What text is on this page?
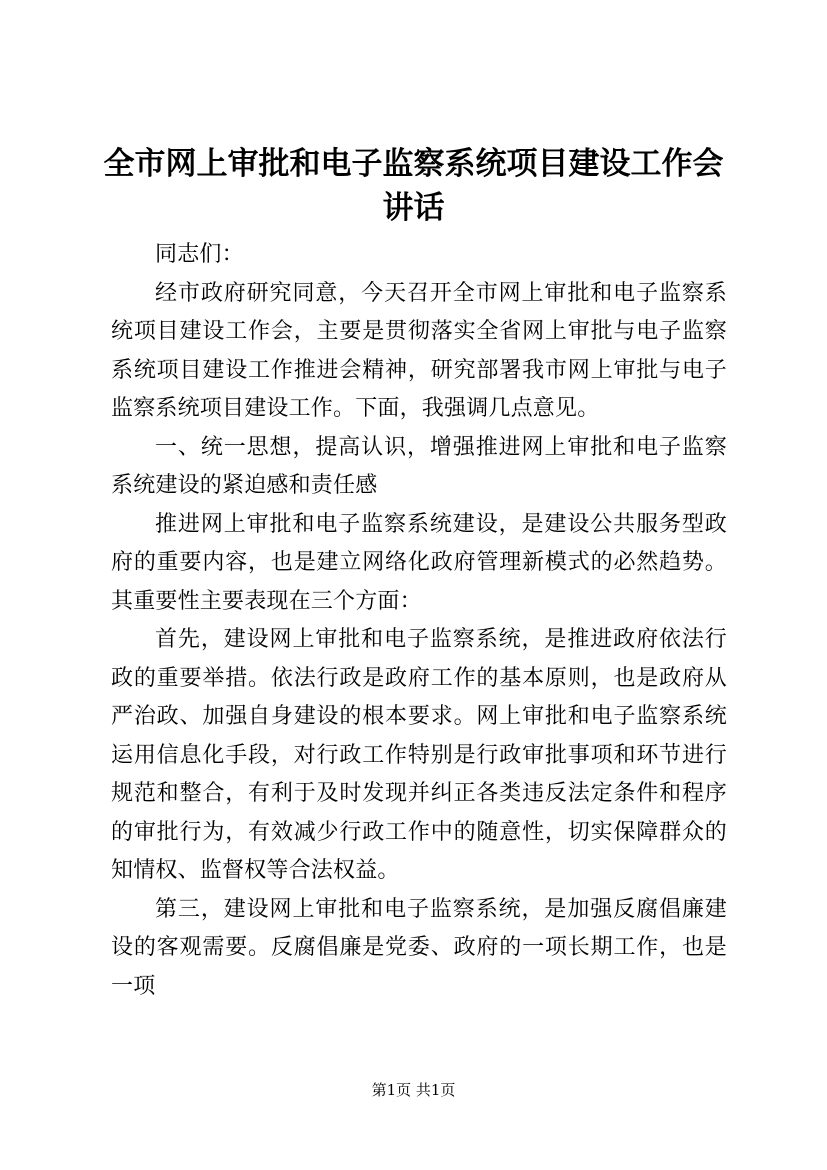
全市网上审批和电子监察系统项目建设工作会
讲话

同志们：

经市政府研究同意，今天召开全市网上审批和电子监察系统项目建设工作会，主要是贯彻落实全省网上审批与电子监察系统项目建设工作推进会精神，研究部署我市网上审批与电子监察系统项目建设工作。下面，我强调几点意见。

一、统一思想，提高认识，增强推进网上审批和电子监察系统建设的紧迫感和责任感

推进网上审批和电子监察系统建设，是建设公共服务型政府的重要内容，也是建立网络化政府管理新模式的必然趋势。其重要性主要表现在三个方面：

首先，建设网上审批和电子监察系统，是推进政府依法行政的重要举措。依法行政是政府工作的基本原则，也是政府从严治政、加强自身建设的根本要求。网上审批和电子监察系统运用信息化手段，对行政工作特别是行政审批事项和环节进行规范和整合，有利于及时发现并纠正各类违反法定条件和程序的审批行为，有效减少行政工作中的随意性，切实保障群众的知情权、监督权等合法权益。

第三，建设网上审批和电子监察系统，是加强反腐倡廉建设的客观需要。反腐倡廉是党委、政府的一项长期工作，也是一项

第1页 共1页
